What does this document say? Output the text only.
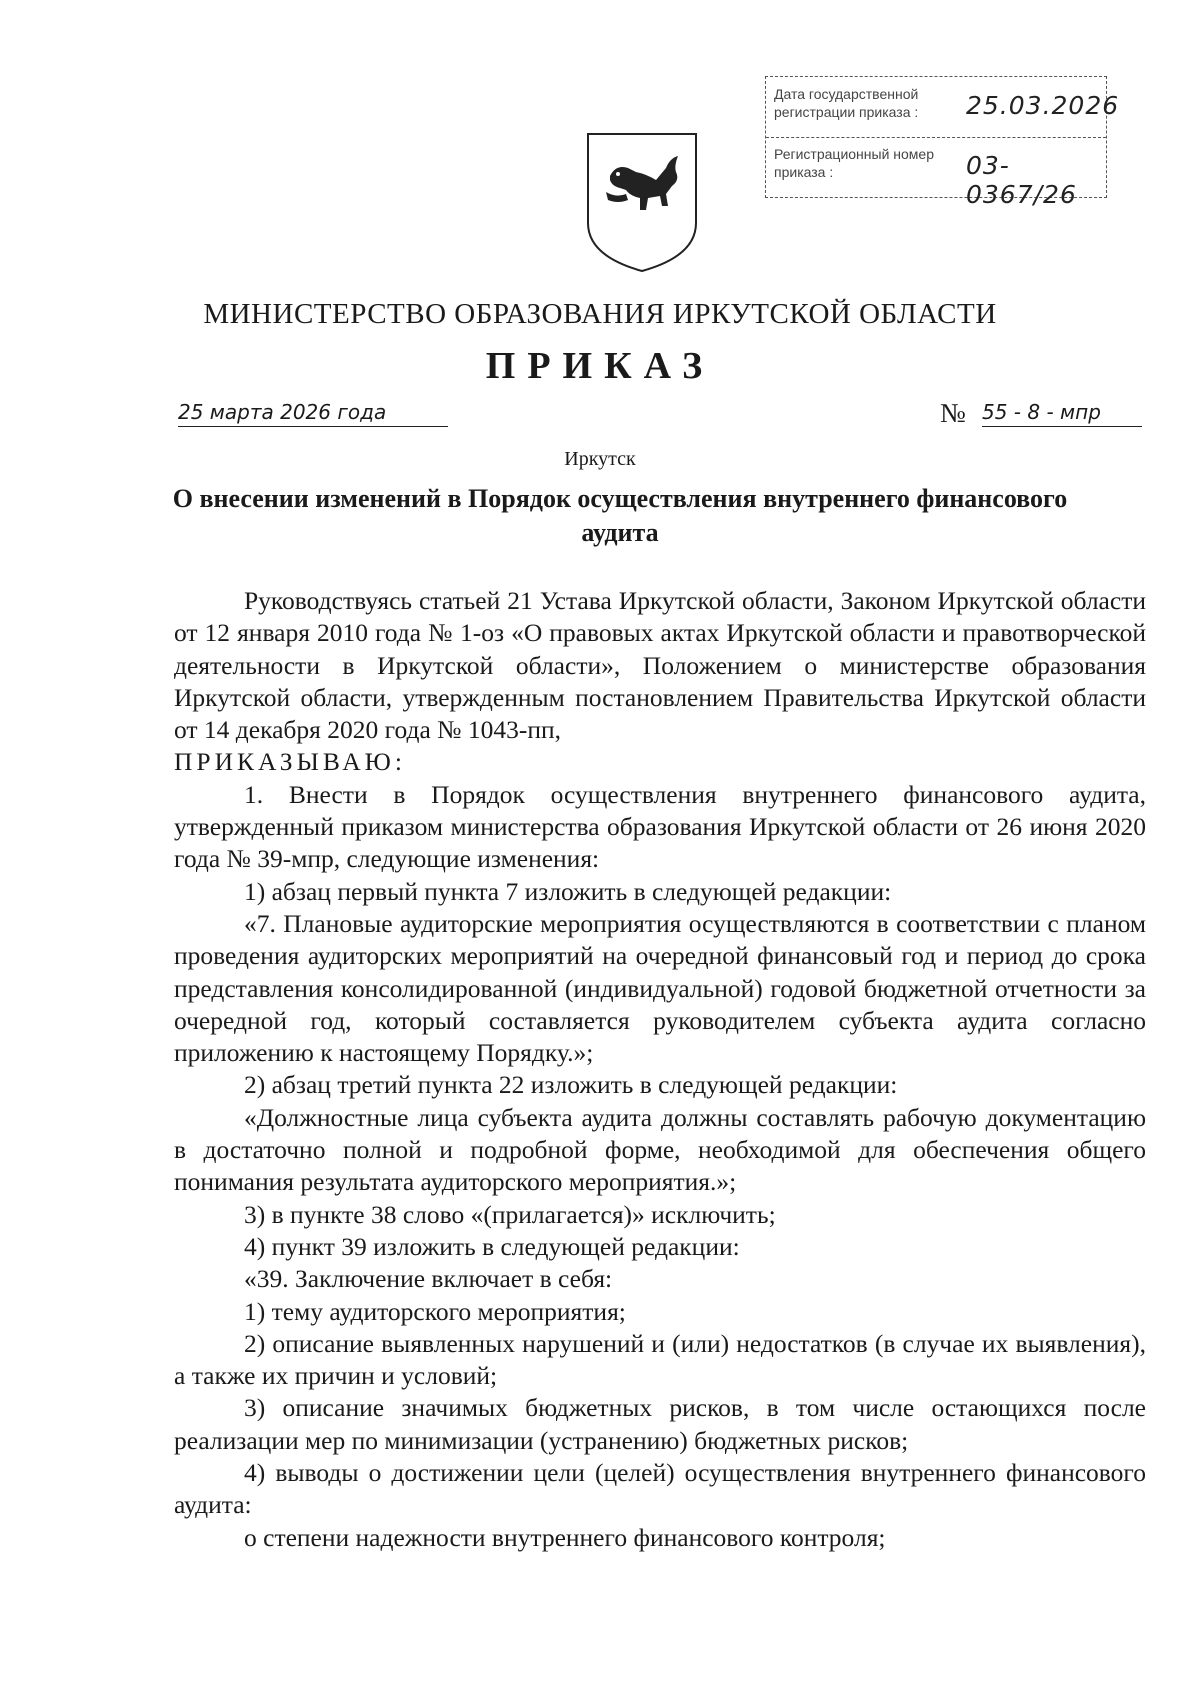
Дата государственной регистрации приказа :	25.03.2026
Регистрационный номер приказа :	03-0367/26
МИНИСТЕРСТВО ОБРАЗОВАНИЯ ИРКУТСКОЙ ОБЛАСТИ
ПРИКАЗ
25 марта 2026 года	№ 55 - 8 - мпр
Иркутск
О внесении изменений в Порядок осуществления внутреннего финансового аудита

Руководствуясь статьей 21 Устава Иркутской области, Законом Иркутской области от 12 января 2010 года № 1-оз «О правовых актах Иркутской области и правотворческой деятельности в Иркутской области», Положением о министерстве образования Иркутской области, утвержденным постановлением Правительства Иркутской области от 14 декабря 2020 года № 1043-пп,

ПРИКАЗЫВАЮ:

1. Внести в Порядок осуществления внутреннего финансового аудита, утвержденный приказом министерства образования Иркутской области от 26 июня 2020 года № 39-мпр, следующие изменения:

1) абзац первый пункта 7 изложить в следующей редакции:

«7. Плановые аудиторские мероприятия осуществляются в соответствии с планом проведения аудиторских мероприятий на очередной финансовый год и период до срока представления консолидированной (индивидуальной) годовой бюджетной отчетности за очередной год, который составляется руководителем субъекта аудита согласно приложению к настоящему Порядку.»;

2) абзац третий пункта 22 изложить в следующей редакции:

«Должностные лица субъекта аудита должны составлять рабочую документацию в достаточно полной и подробной форме, необходимой для обеспечения общего понимания результата аудиторского мероприятия.»;

3) в пункте 38 слово «(прилагается)» исключить;

4) пункт 39 изложить в следующей редакции:

«39. Заключение включает в себя:

1) тему аудиторского мероприятия;

2) описание выявленных нарушений и (или) недостатков (в случае их выявления), а также их причин и условий;

3) описание значимых бюджетных рисков, в том числе остающихся после реализации мер по минимизации (устранению) бюджетных рисков;

4) выводы о достижении цели (целей) осуществления внутреннего финансового аудита:

о степени надежности внутреннего финансового контроля;
